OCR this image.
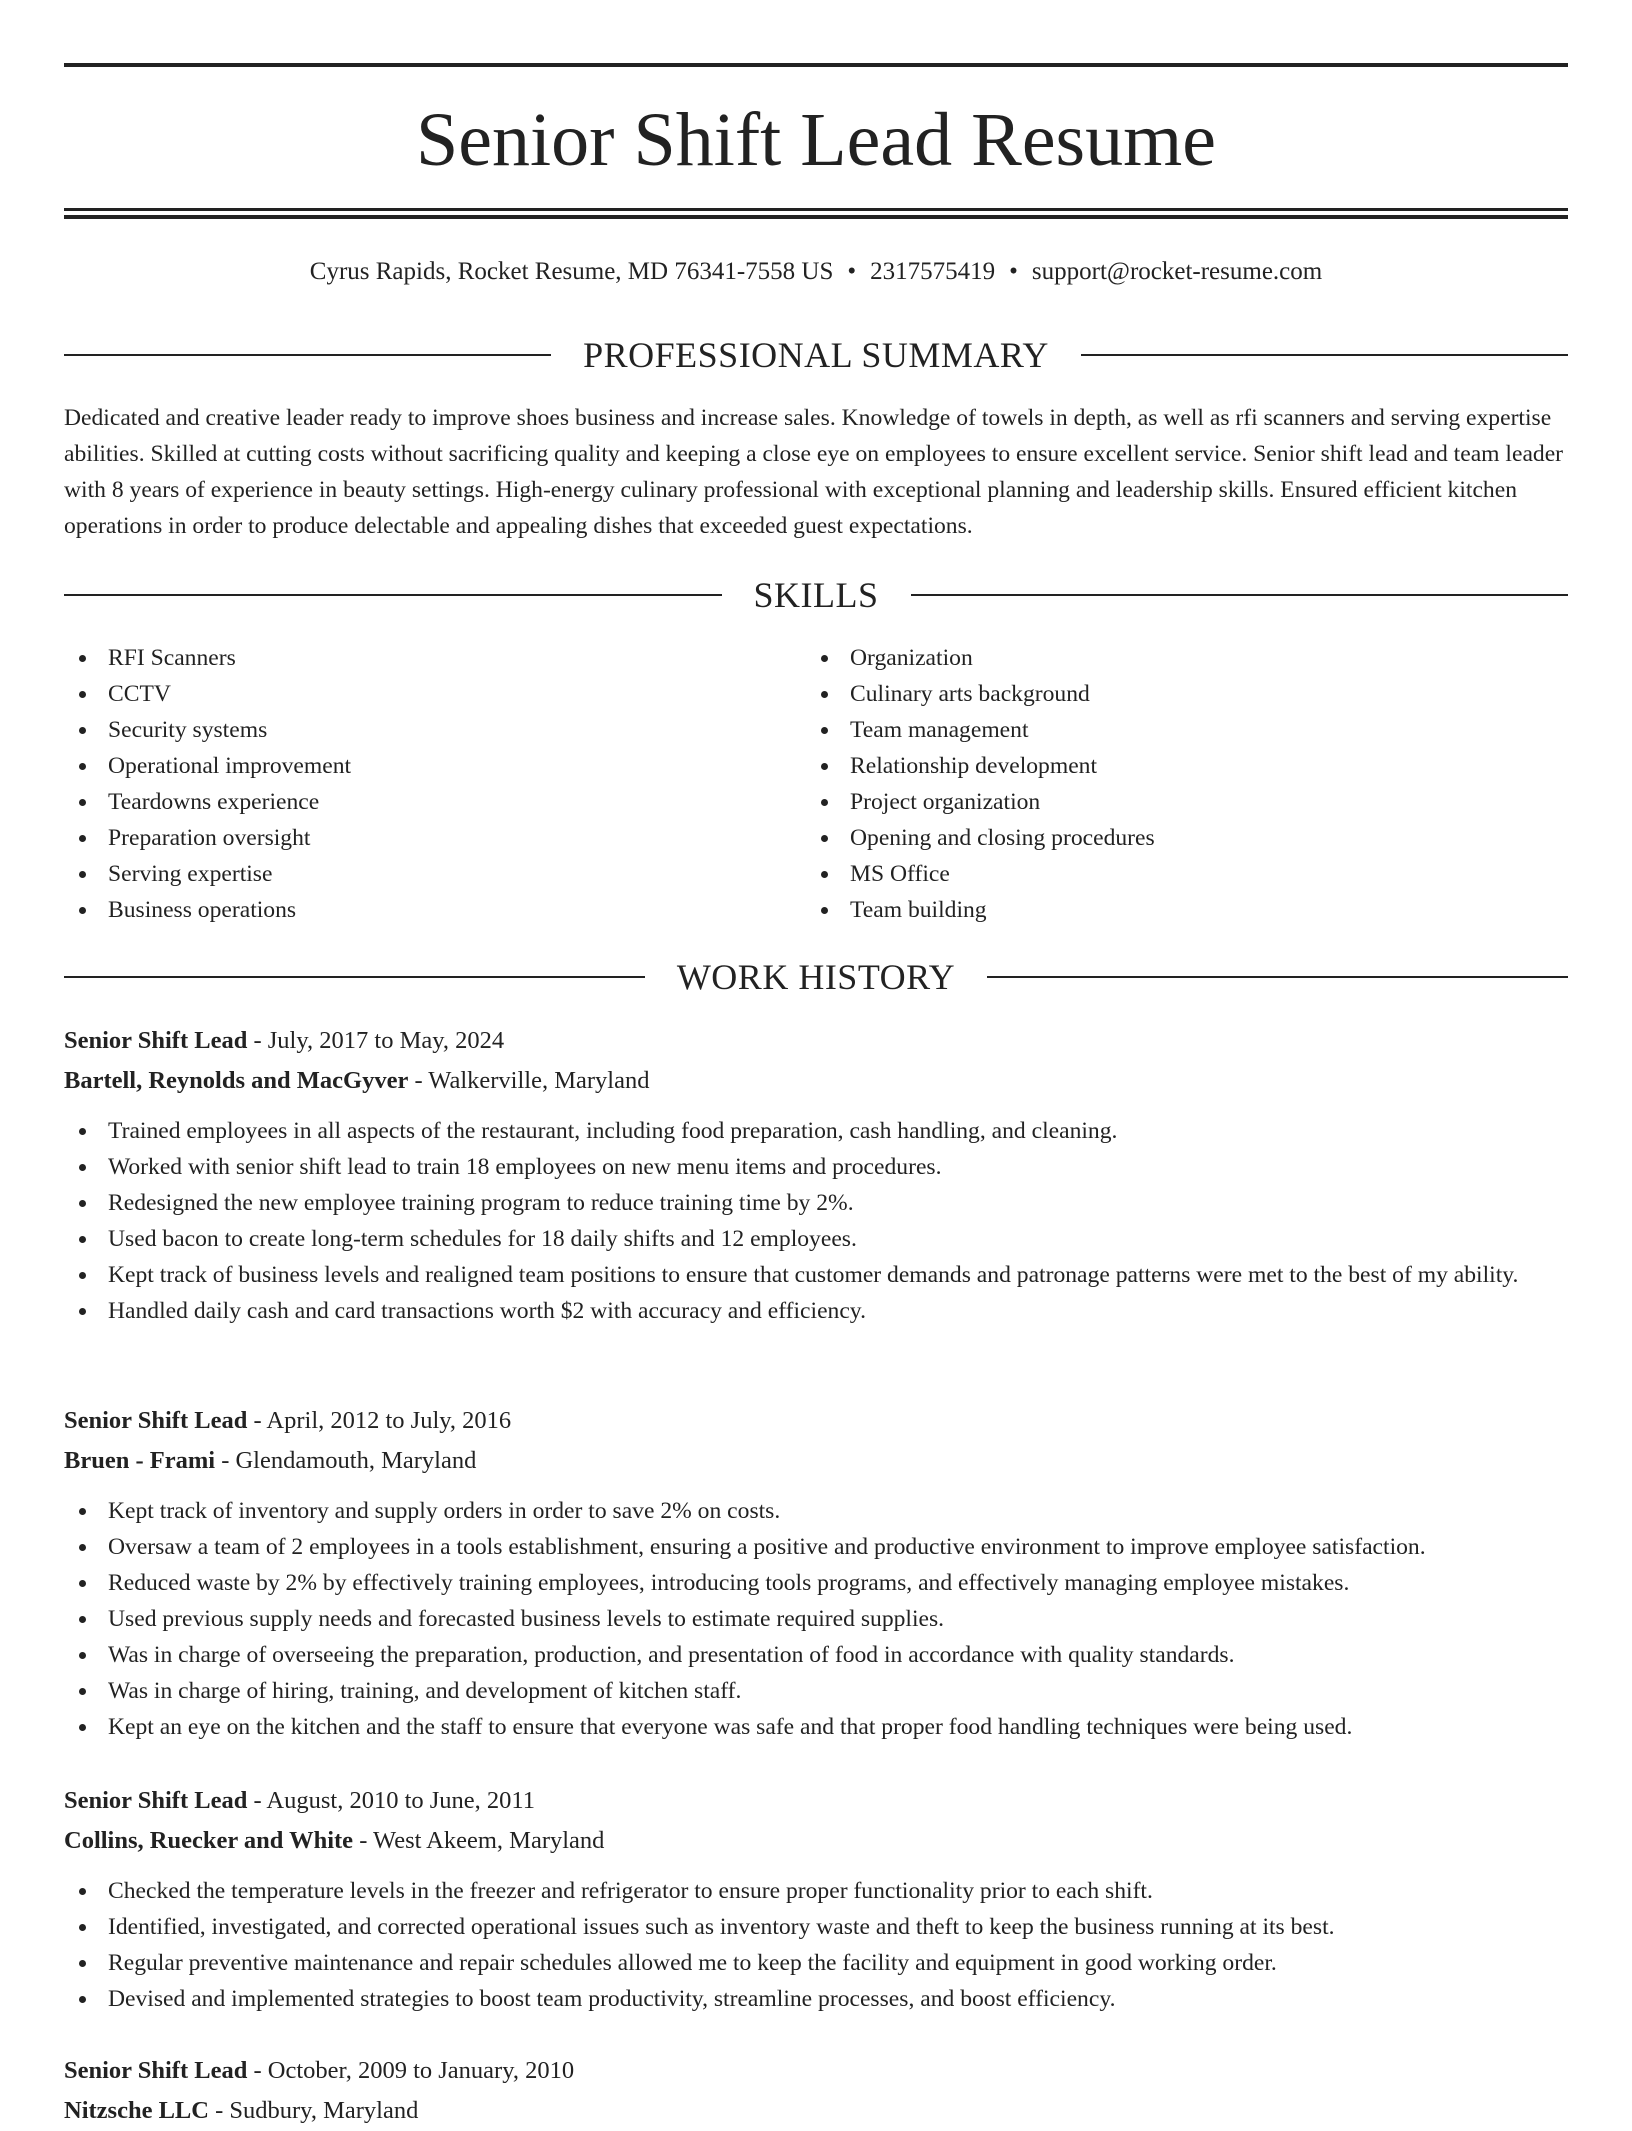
Senior Shift Lead Resume
Cyrus Rapids, Rocket Resume, MD 76341-7558 US • 2317575419 • support@rocket-resume.com
PROFESSIONAL SUMMARY

Dedicated and creative leader ready to improve shoes business and increase sales. Knowledge of towels in depth, as well as rfi scanners and serving expertise abilities. Skilled at cutting costs without sacrificing quality and keeping a close eye on employees to ensure excellent service. Senior shift lead and team leader with 8 years of experience in beauty settings. High-energy culinary professional with exceptional planning and leadership skills. Ensured efficient kitchen operations in order to produce delectable and appealing dishes that exceeded guest expectations.

SKILLS
RFI Scanners
CCTV
Security systems
Operational improvement
Teardowns experience
Preparation oversight
Serving expertise
Business operations
Organization
Culinary arts background
Team management
Relationship development
Project organization
Opening and closing procedures
MS Office
Team building
WORK HISTORY
Senior Shift Lead - July, 2017 to May, 2024
Bartell, Reynolds and MacGyver - Walkerville, Maryland
Trained employees in all aspects of the restaurant, including food preparation, cash handling, and cleaning.
Worked with senior shift lead to train 18 employees on new menu items and procedures.
Redesigned the new employee training program to reduce training time by 2%.
Used bacon to create long-term schedules for 18 daily shifts and 12 employees.
Kept track of business levels and realigned team positions to ensure that customer demands and patronage patterns were met to the best of my ability.
Handled daily cash and card transactions worth $2 with accuracy and efficiency.
Senior Shift Lead - April, 2012 to July, 2016
Bruen - Frami - Glendamouth, Maryland
Kept track of inventory and supply orders in order to save 2% on costs.
Oversaw a team of 2 employees in a tools establishment, ensuring a positive and productive environment to improve employee satisfaction.
Reduced waste by 2% by effectively training employees, introducing tools programs, and effectively managing employee mistakes.
Used previous supply needs and forecasted business levels to estimate required supplies.
Was in charge of overseeing the preparation, production, and presentation of food in accordance with quality standards.
Was in charge of hiring, training, and development of kitchen staff.
Kept an eye on the kitchen and the staff to ensure that everyone was safe and that proper food handling techniques were being used.
Senior Shift Lead - August, 2010 to June, 2011
Collins, Ruecker and White - West Akeem, Maryland
Checked the temperature levels in the freezer and refrigerator to ensure proper functionality prior to each shift.
Identified, investigated, and corrected operational issues such as inventory waste and theft to keep the business running at its best.
Regular preventive maintenance and repair schedules allowed me to keep the facility and equipment in good working order.
Devised and implemented strategies to boost team productivity, streamline processes, and boost efficiency.
Senior Shift Lead - October, 2009 to January, 2010
Nitzsche LLC - Sudbury, Maryland
